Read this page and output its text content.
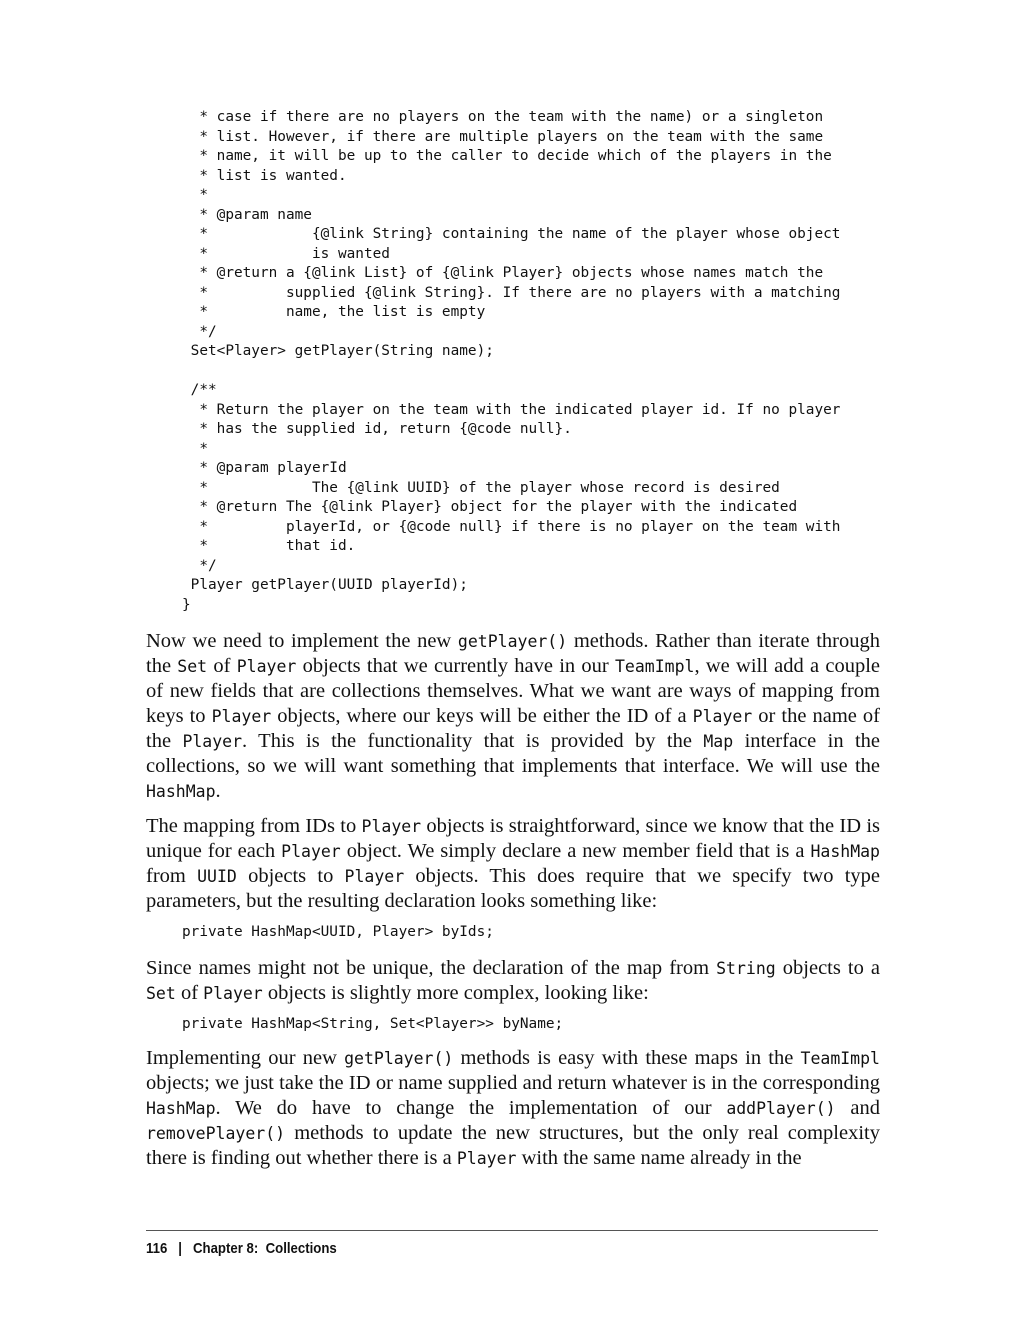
* case if there are no players on the team with the name) or a singleton
* list. However, if there are multiple players on the team with the same
* name, it will be up to the caller to decide which of the players in the
* list is wanted.
*
* @param name
*            {@link String} containing the name of the player whose object
*            is wanted
* @return a {@link List} of {@link Player} objects whose names match the
*         supplied {@link String}. If there are no players with a matching
*         name, the list is empty
*/
Set<Player> getPlayer(String name);

/**
* Return the player on the team with the indicated player id. If no player
* has the supplied id, return {@code null}.
*
* @param playerId
*            The {@link UUID} of the player whose record is desired
* @return The {@link Player} object for the player with the indicated
*         playerId, or {@code null} if there is no player on the team with
*         that id.
*/
Player getPlayer(UUID playerId);
}

Now we need to implement the new getPlayer() methods. Rather than iterate through the Set of Player objects that we currently have in our TeamImpl, we will add a couple of new fields that are collections themselves. What we want are ways of mapping from keys to Player objects, where our keys will be either the ID of a Player or the name of the Player. This is the functionality that is provided by the Map interface in the collections, so we will want something that implements that interface. We will use the HashMap.

The mapping from IDs to Player objects is straightforward, since we know that the ID is unique for each Player object. We simply declare a new member field that is a HashMap from UUID objects to Player objects. This does require that we specify two type parameters, but the resulting declaration looks something like:

private HashMap<UUID, Player> byIds;

Since names might not be unique, the declaration of the map from String objects to a Set of Player objects is slightly more complex, looking like:

private HashMap<String, Set<Player>> byName;

Implementing our new getPlayer() methods is easy with these maps in the TeamImpl objects; we just take the ID or name supplied and return whatever is in the corresponding HashMap. We do have to change the implementation of our addPlayer() and removePlayer() methods to update the new structures, but the only real complexity there is finding out whether there is a Player with the same name already in the

116   |   Chapter 8:  Collections
